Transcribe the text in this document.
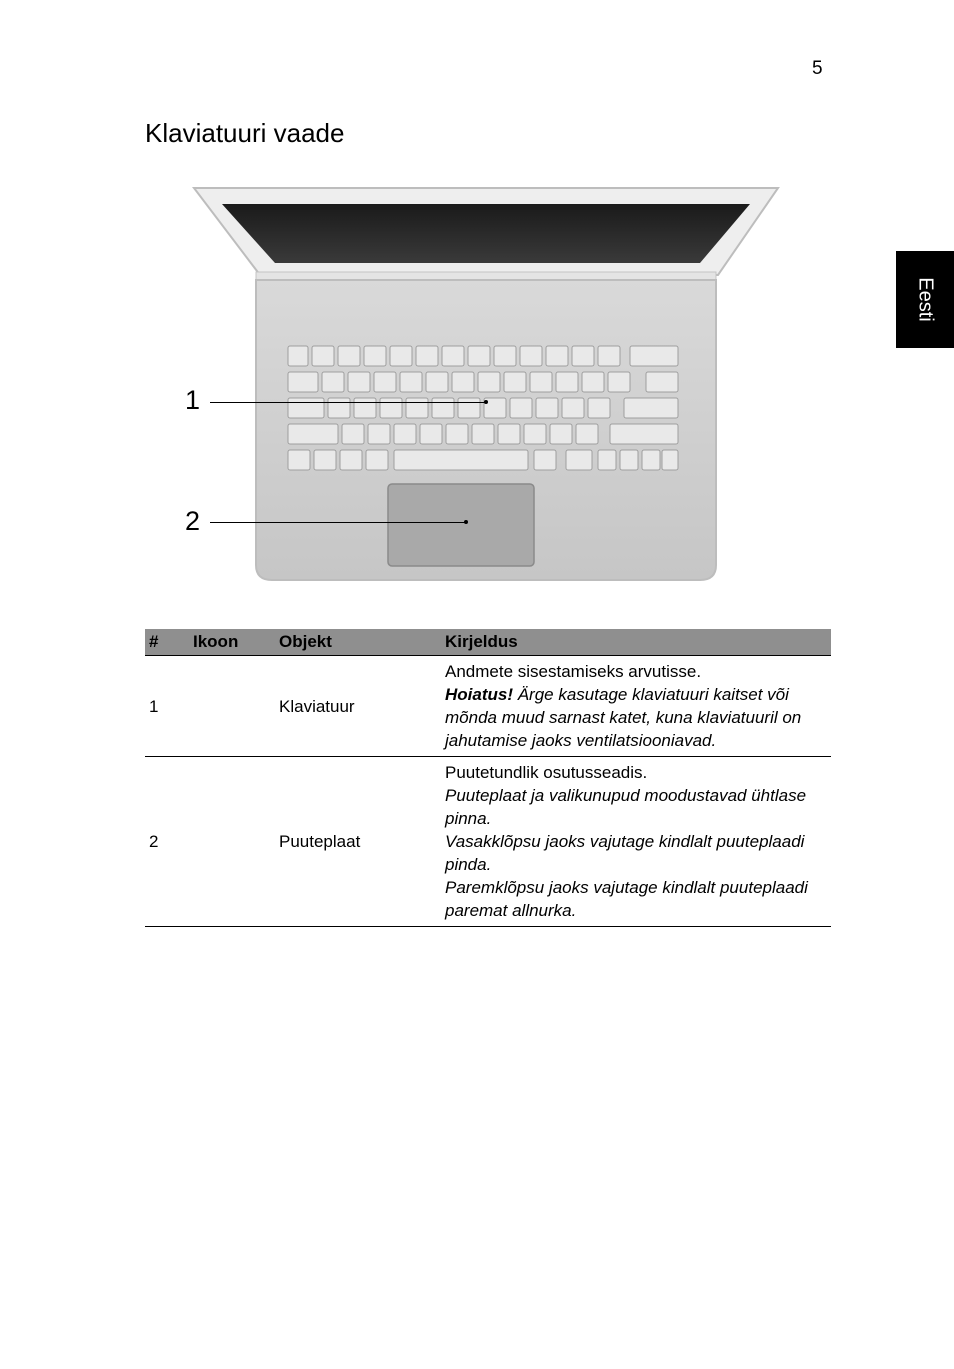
5
Eesti
Klaviatuuri vaade
1
2
#	Ikoon	Objekt	Kirjeldus
1		Klaviatuur	Andmete sisestamiseks arvutisse.
Hoiatus! Ärge kasutage klaviatuuri kaitset või mõnda muud sarnast katet, kuna klaviatuuril on jahutamise jaoks ventilatsiooniavad.
2		Puuteplaat	Puutetundlik osutusseadis.
Puuteplaat ja valikunupud moodustavad ühtlase pinna.
Vasakklõpsu jaoks vajutage kindlalt puuteplaadi pinda.
Paremklõpsu jaoks vajutage kindlalt puuteplaadi paremat allnurka.
